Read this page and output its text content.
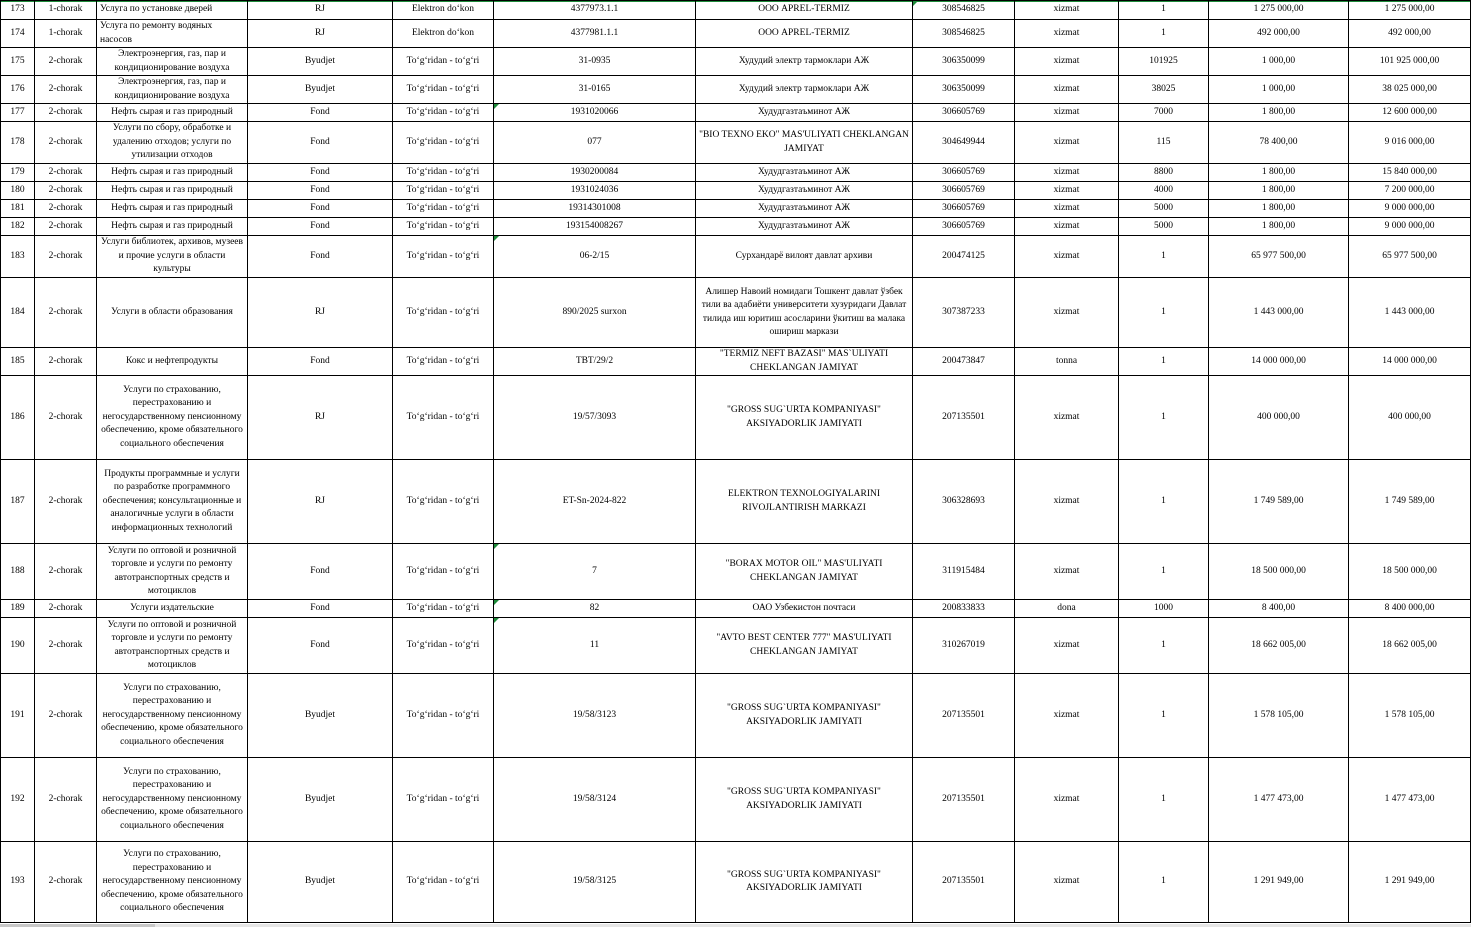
173	1-chorak	Услуга по установке дверей	RJ	Elektron do‘kon	4377973.1.1	ООО APREL-TERMIZ	308546825	xizmat	1	1 275 000,00	1 275 000,00
174	1-chorak	Услуга по ремонту водяных насосов	RJ	Elektron do‘kon	4377981.1.1	ООО APREL-TERMIZ	308546825	xizmat	1	492 000,00	492 000,00
175	2-chorak	Электроэнергия, газ, пар и кондиционирование воздуха	Byudjet	To‘g‘ridan - to‘g‘ri	31-0935	Худудий электр тармоклари АЖ	306350099	xizmat	101925	1 000,00	101 925 000,00
176	2-chorak	Электроэнергия, газ, пар и кондиционирование воздуха	Byudjet	To‘g‘ridan - to‘g‘ri	31-0165	Худудий электр тармоклари АЖ	306350099	xizmat	38025	1 000,00	38 025 000,00
177	2-chorak	Нефть сырая и газ природный	Fond	To‘g‘ridan - to‘g‘ri	1931020066	Худудгазтаъминот АЖ	306605769	xizmat	7000	1 800,00	12 600 000,00
178	2-chorak	Услуги по сбору, обработке и удалению отходов; услуги по утилизации отходов	Fond	To‘g‘ridan - to‘g‘ri	077	"BIO TEXNO EKO" MAS'ULIYATI CHEKLANGAN JAMIYAT	304649944	xizmat	115	78 400,00	9 016 000,00
179	2-chorak	Нефть сырая и газ природный	Fond	To‘g‘ridan - to‘g‘ri	1930200084	Худудгазтаъминот АЖ	306605769	xizmat	8800	1 800,00	15 840 000,00
180	2-chorak	Нефть сырая и газ природный	Fond	To‘g‘ridan - to‘g‘ri	1931024036	Худудгазтаъминот АЖ	306605769	xizmat	4000	1 800,00	7 200 000,00
181	2-chorak	Нефть сырая и газ природный	Fond	To‘g‘ridan - to‘g‘ri	19314301008	Худудгазтаъминот АЖ	306605769	xizmat	5000	1 800,00	9 000 000,00
182	2-chorak	Нефть сырая и газ природный	Fond	To‘g‘ridan - to‘g‘ri	193154008267	Худудгазтаъминот АЖ	306605769	xizmat	5000	1 800,00	9 000 000,00
183	2-chorak	Услуги библиотек, архивов, музеев и прочие услуги в области культуры	Fond	To‘g‘ridan - to‘g‘ri	06-2/15	Сурхандарё вилоят давлат архиви	200474125	xizmat	1	65 977 500,00	65 977 500,00
184	2-chorak	Услуги в области образования	RJ	To‘g‘ridan - to‘g‘ri	890/2025 surxon	Алишер Навоий номидаги Тошкент давлат ўзбек тили ва адабиёти университети хузуридаги Давлат тилида иш юритиш асосларини ўкитиш ва малака ошириш маркази	307387233	xizmat	1	1 443 000,00	1 443 000,00
185	2-chorak	Кокс и нефтепродукты	Fond	To‘g‘ridan - to‘g‘ri	ТВТ/29/2	"TERMIZ NEFT BAZASI" MAS`ULIYATI CHEKLANGAN JAMIYAT	200473847	tonna	1	14 000 000,00	14 000 000,00
186	2-chorak	Услуги по страхованию, перестрахованию и негосударственному пенсионному обеспечению, кроме обязательного социального обеспечения	RJ	To‘g‘ridan - to‘g‘ri	19/57/3093	"GROSS SUG`URTA KOMPANIYASI" AKSIYADORLIK JAMIYATI	207135501	xizmat	1	400 000,00	400 000,00
187	2-chorak	Продукты программные и услуги по разработке программного обеспечения; консультационные и аналогичные услуги в области информационных технологий	RJ	To‘g‘ridan - to‘g‘ri	ET-Sn-2024-822	ELEKTRON TEXNOLOGIYALARINI RIVOJLANTIRISH MARKAZI	306328693	xizmat	1	1 749 589,00	1 749 589,00
188	2-chorak	Услуги по оптовой и розничной торговле и услуги по ремонту автотранспортных средств и мотоциклов	Fond	To‘g‘ridan - to‘g‘ri	7	"BORAX MOTOR OIL" MAS'ULIYATI CHEKLANGAN JAMIYAT	311915484	xizmat	1	18 500 000,00	18 500 000,00
189	2-chorak	Услуги издательские	Fond	To‘g‘ridan - to‘g‘ri	82	ОАО Узбекистон почтаси	200833833	dona	1000	8 400,00	8 400 000,00
190	2-chorak	Услуги по оптовой и розничной торговле и услуги по ремонту автотранспортных средств и мотоциклов	Fond	To‘g‘ridan - to‘g‘ri	11	"AVTO BEST CENTER 777" MAS'ULIYATI CHEKLANGAN JAMIYAT	310267019	xizmat	1	18 662 005,00	18 662 005,00
191	2-chorak	Услуги по страхованию, перестрахованию и негосударственному пенсионному обеспечению, кроме обязательного социального обеспечения	Byudjet	To‘g‘ridan - to‘g‘ri	19/58/3123	"GROSS SUG`URTA KOMPANIYASI" AKSIYADORLIK JAMIYATI	207135501	xizmat	1	1 578 105,00	1 578 105,00
192	2-chorak	Услуги по страхованию, перестрахованию и негосударственному пенсионному обеспечению, кроме обязательного социального обеспечения	Byudjet	To‘g‘ridan - to‘g‘ri	19/58/3124	"GROSS SUG`URTA KOMPANIYASI" AKSIYADORLIK JAMIYATI	207135501	xizmat	1	1 477 473,00	1 477 473,00
193	2-chorak	Услуги по страхованию, перестрахованию и негосударственному пенсионному обеспечению, кроме обязательного социального обеспечения	Byudjet	To‘g‘ridan - to‘g‘ri	19/58/3125	"GROSS SUG`URTA KOMPANIYASI" AKSIYADORLIK JAMIYATI	207135501	xizmat	1	1 291 949,00	1 291 949,00
